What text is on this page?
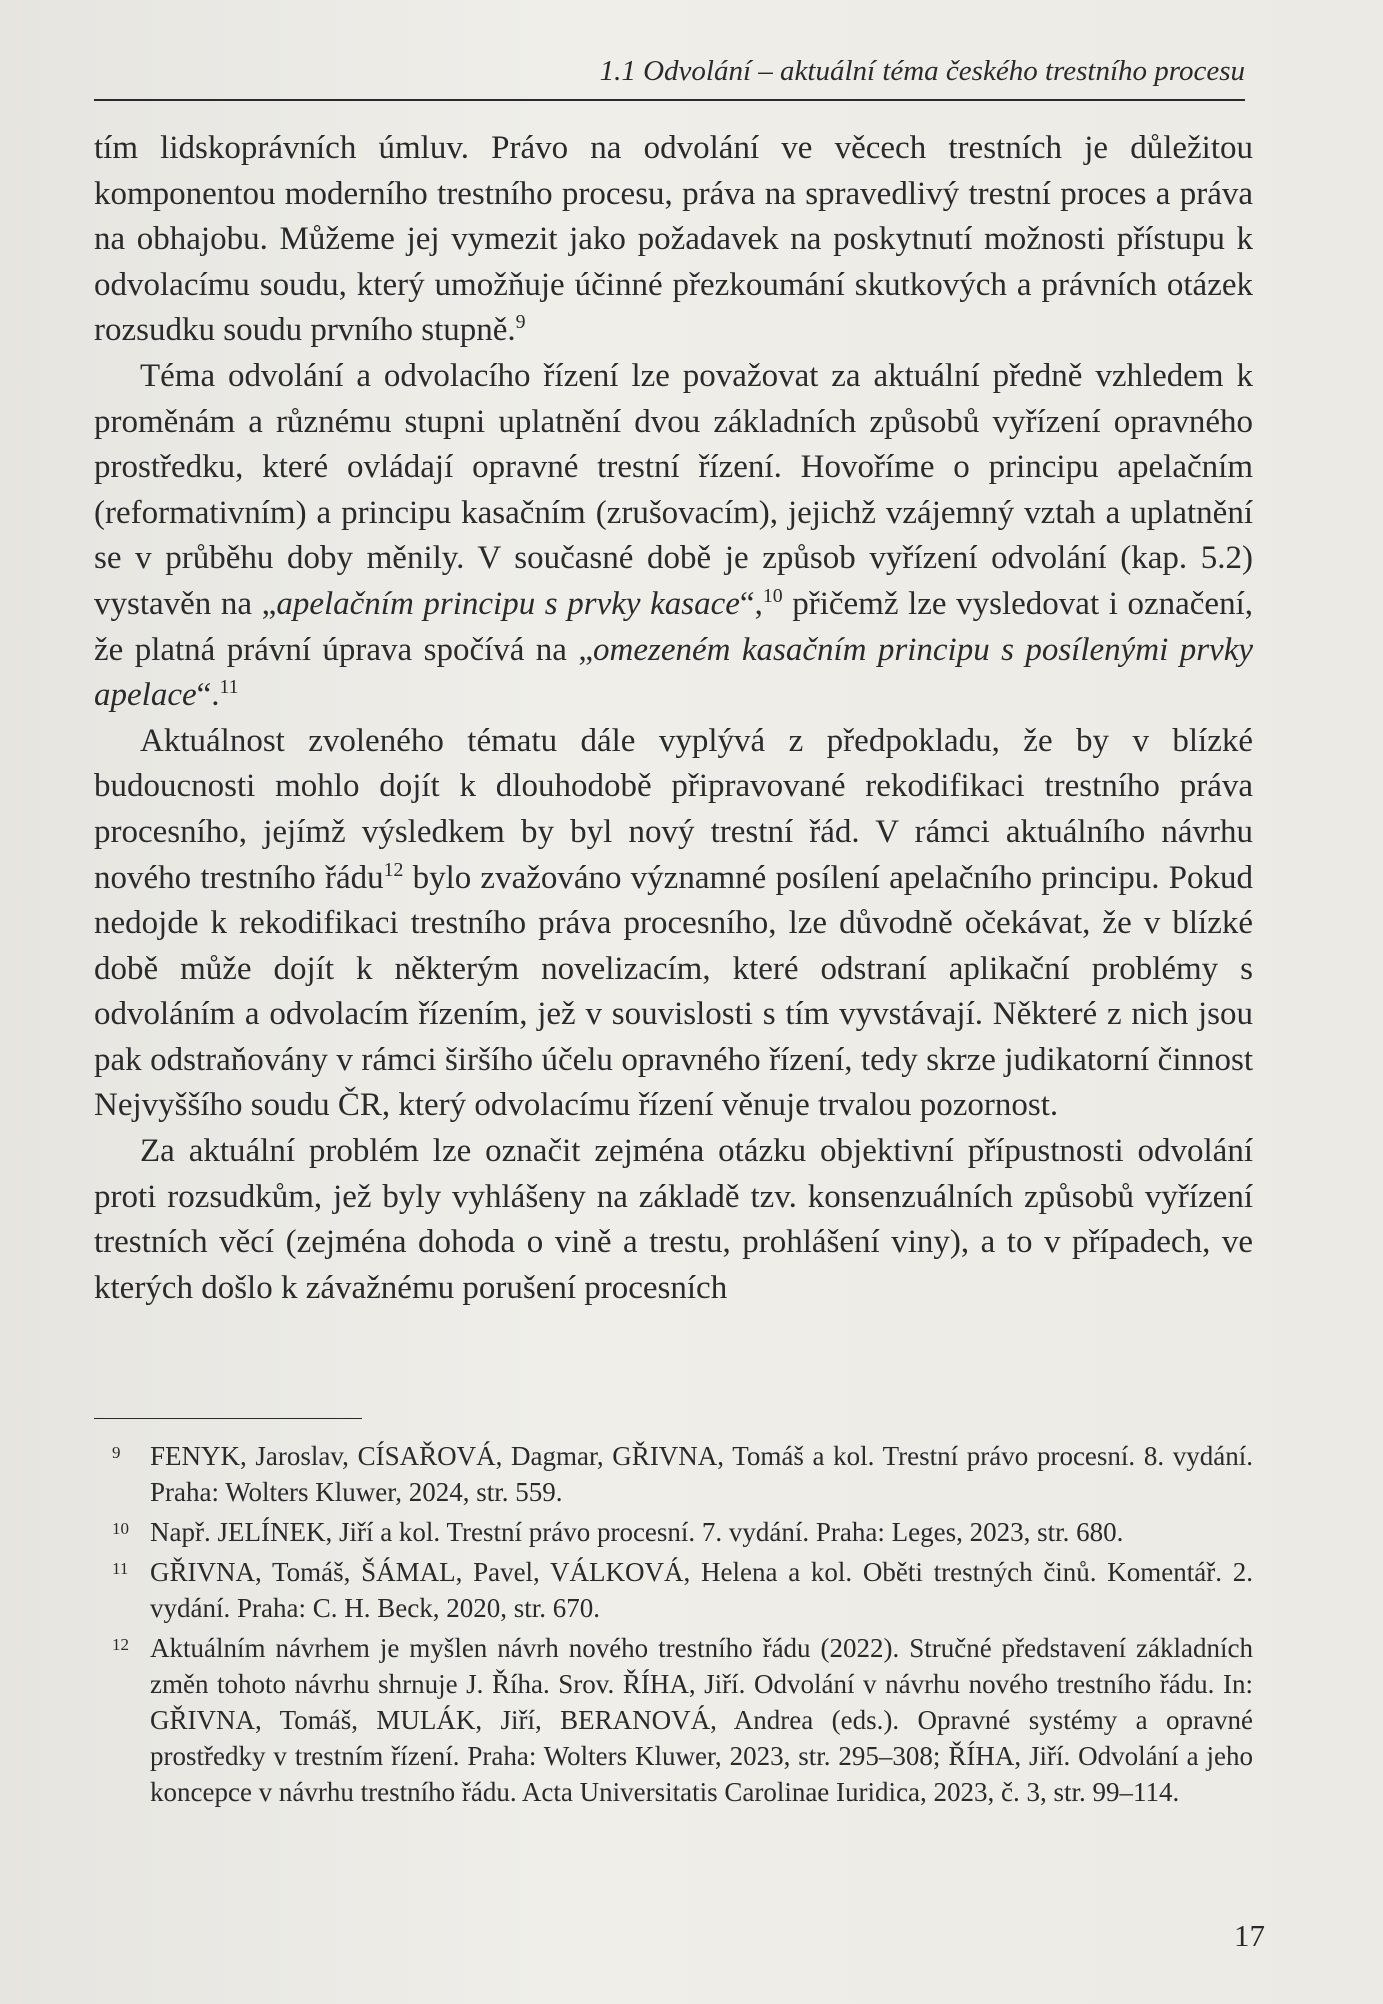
1.1 Odvolání – aktuální téma českého trestního procesu

tím lidskoprávních úmluv. Právo na odvolání ve věcech trestních je důležitou komponentou moderního trestního procesu, práva na spravedlivý trestní proces a práva na obhajobu. Můžeme jej vymezit jako požadavek na poskytnutí možnosti přístupu k odvolacímu soudu, který umožňuje účinné přezkoumání skutkových a právních otázek rozsudku soudu prvního stupně.$^9$

Téma odvolání a odvolacího řízení lze považovat za aktuální předně vzhledem k proměnám a různému stupni uplatnění dvou základních způsobů vyřízení opravného prostředku, které ovládají opravné trestní řízení. Hovoříme o principu apelačním (reformativním) a principu kasačním (zrušovacím), jejichž vzájemný vztah a uplatnění se v průběhu doby měnily. V současné době je způsob vyřízení odvolání (kap. 5.2) vystavěn na „apelačním principu s prvky kasace“,$^{10}$ přičemž lze vysledovat i označení, že platná právní úprava spočívá na „omezeném kasačním principu s posílenými prvky apelace“.$^{11}$

Aktuálnost zvoleného tématu dále vyplývá z předpokladu, že by v blízké budoucnosti mohlo dojít k dlouhodobě připravované rekodifikaci trestního práva procesního, jejímž výsledkem by byl nový trestní řád. V rámci aktuálního návrhu nového trestního řádu$^{12}$ bylo zvažováno významné posílení apelačního principu. Pokud nedojde k rekodifikaci trestního práva procesního, lze důvodně očekávat, že v blízké době může dojít k některým novelizacím, které odstraní aplikační problémy s odvoláním a odvolacím řízením, jež v souvislosti s tím vyvstávají. Některé z nich jsou pak odstraňovány v rámci širšího účelu opravného řízení, tedy skrze judikatorní činnost Nejvyššího soudu ČR, který odvolacímu řízení věnuje trvalou pozornost.

Za aktuální problém lze označit zejména otázku objektivní přípustnosti odvolání proti rozsudkům, jež byly vyhlášeny na základě tzv. konsenzuálních způsobů vyřízení trestních věcí (zejména dohoda o vině a trestu, prohlášení viny), a to v případech, ve kterých došlo k závažnému porušení procesních

9 FENYK, Jaroslav, CÍSAŘOVÁ, Dagmar, GŘIVNA, Tomáš a kol. Trestní právo procesní. 8. vydání. Praha: Wolters Kluwer, 2024, str. 559.
10 Např. JELÍNEK, Jiří a kol. Trestní právo procesní. 7. vydání. Praha: Leges, 2023, str. 680.
11 GŘIVNA, Tomáš, ŠÁMAL, Pavel, VÁLKOVÁ, Helena a kol. Oběti trestných činů. Komentář. 2. vydání. Praha: C. H. Beck, 2020, str. 670.
12 Aktuálním návrhem je myšlen návrh nového trestního řádu (2022). Stručné představení základních změn tohoto návrhu shrnuje J. Říha. Srov. ŘÍHA, Jiří. Odvolání v návrhu nového trestního řádu. In: GŘIVNA, Tomáš, MULÁK, Jiří, BERANOVÁ, Andrea (eds.). Opravné systémy a opravné prostředky v trestním řízení. Praha: Wolters Kluwer, 2023, str. 295–308; ŘÍHA, Jiří. Odvolání a jeho koncepce v návrhu trestního řádu. Acta Universitatis Carolinae Iuridica, 2023, č. 3, str. 99–114.
17
